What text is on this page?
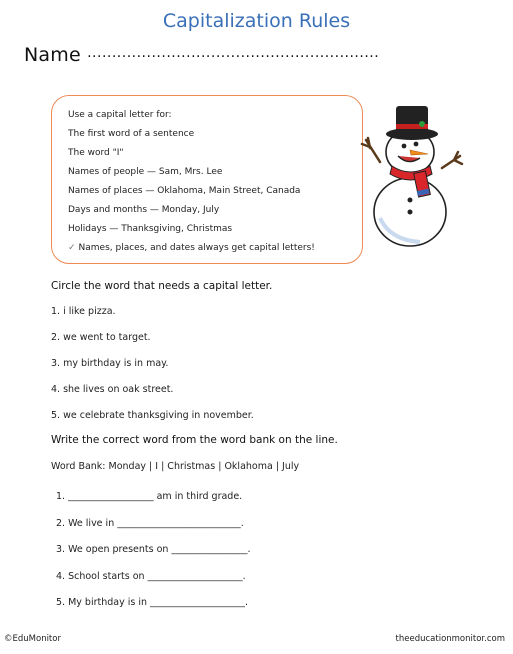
Capitalization Rules
Name ...........................................................
Use a capital letter for:
The first word of a sentence
The word "I"
Names of people — Sam, Mrs. Lee
Names of places — Oklahoma, Main Street, Canada
Days and months — Monday, July
Holidays — Thanksgiving, Christmas
✓ Names, places, and dates always get capital letters!
Circle the word that needs a capital letter.
1. i like pizza.
2. we went to target.
3. my birthday is in may.
4. she lives on oak street.
5. we celebrate thanksgiving in november.
Write the correct word from the word bank on the line.
Word Bank: Monday | I | Christmas | Oklahoma | July
1. __________________ am in third grade.
2. We live in __________________________.
3. We open presents on ________________.
4. School starts on ____________________.
5. My birthday is in ____________________.
©EduMonitor	theeducationmonitor.com
